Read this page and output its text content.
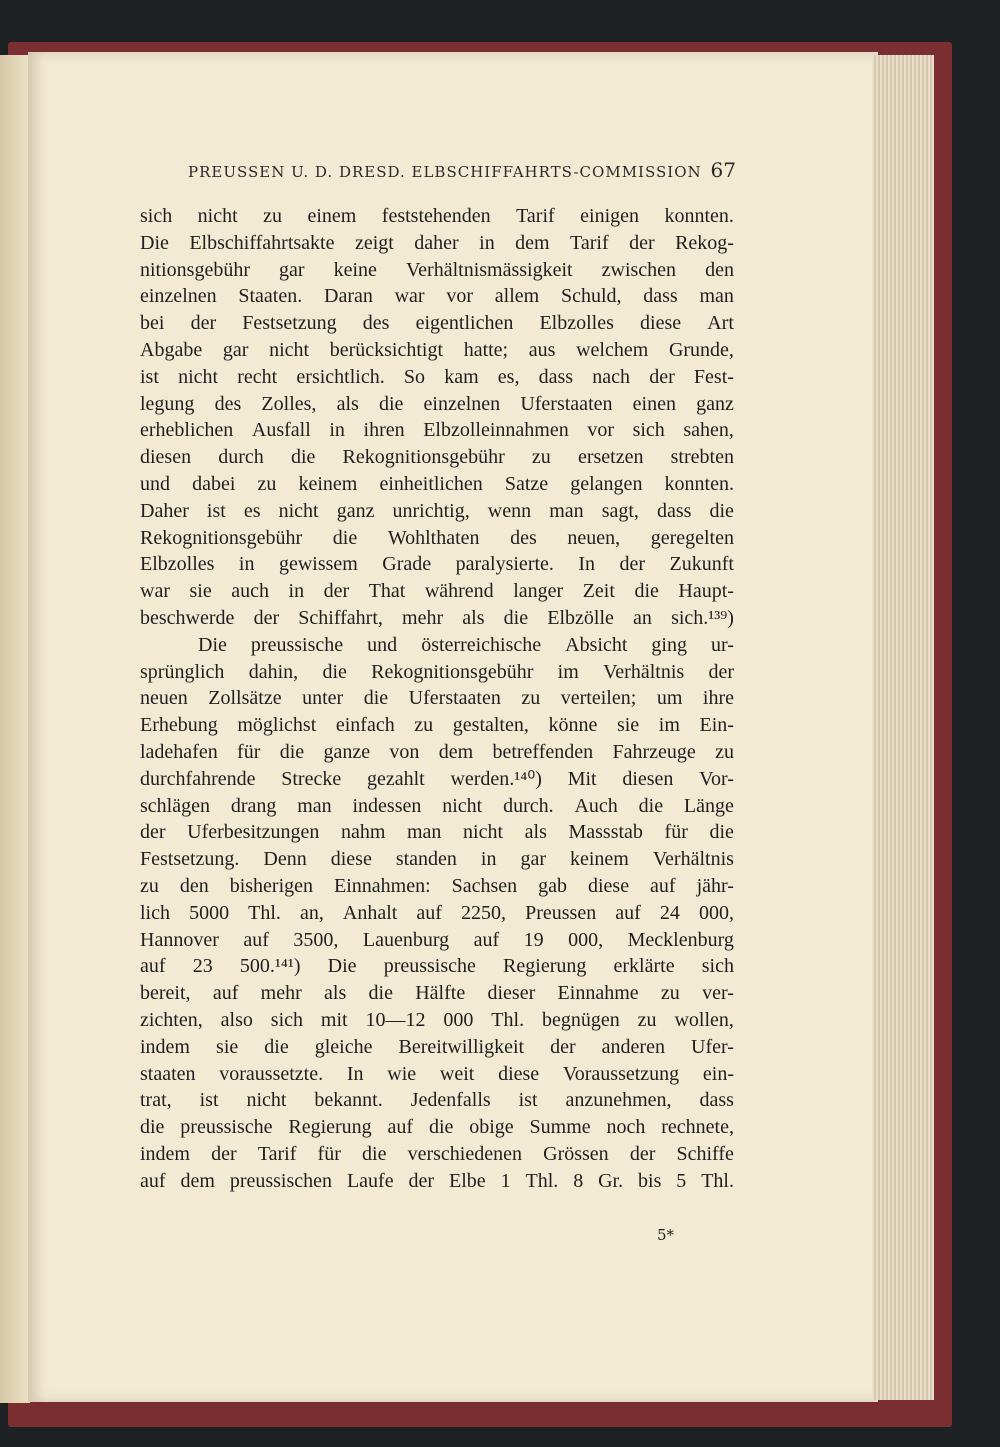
PREUSSEN U. D. DRESD. ELBSCHIFFAHRTS-COMMISSION 67
sich nicht zu einem feststehenden Tarif einigen konnten.
Die Elbschiffahrtsakte zeigt daher in dem Tarif der Rekog-
nitionsgebühr gar keine Verhältnismässigkeit zwischen den
einzelnen Staaten. Daran war vor allem Schuld, dass man
bei der Festsetzung des eigentlichen Elbzolles diese Art
Abgabe gar nicht berücksichtigt hatte; aus welchem Grunde,
ist nicht recht ersichtlich. So kam es, dass nach der Fest-
legung des Zolles, als die einzelnen Uferstaaten einen ganz
erheblichen Ausfall in ihren Elbzolleinnahmen vor sich sahen,
diesen durch die Rekognitionsgebühr zu ersetzen strebten
und dabei zu keinem einheitlichen Satze gelangen konnten.
Daher ist es nicht ganz unrichtig, wenn man sagt, dass die
Rekognitionsgebühr die Wohlthaten des neuen, geregelten
Elbzolles in gewissem Grade paralysierte. In der Zukunft
war sie auch in der That während langer Zeit die Haupt-
beschwerde der Schiffahrt, mehr als die Elbzölle an sich.¹³⁹)
Die preussische und österreichische Absicht ging ur-
sprünglich dahin, die Rekognitionsgebühr im Verhältnis der
neuen Zollsätze unter die Uferstaaten zu verteilen; um ihre
Erhebung möglichst einfach zu gestalten, könne sie im Ein-
ladehafen für die ganze von dem betreffenden Fahrzeuge zu
durchfahrende Strecke gezahlt werden.¹⁴⁰) Mit diesen Vor-
schlägen drang man indessen nicht durch. Auch die Länge
der Uferbesitzungen nahm man nicht als Massstab für die
Festsetzung. Denn diese standen in gar keinem Verhältnis
zu den bisherigen Einnahmen: Sachsen gab diese auf jähr-
lich 5000 Thl. an, Anhalt auf 2250, Preussen auf 24 000,
Hannover auf 3500, Lauenburg auf 19 000, Mecklenburg
auf 23 500.¹⁴¹) Die preussische Regierung erklärte sich
bereit, auf mehr als die Hälfte dieser Einnahme zu ver-
zichten, also sich mit 10—12 000 Thl. begnügen zu wollen,
indem sie die gleiche Bereitwilligkeit der anderen Ufer-
staaten voraussetzte. In wie weit diese Voraussetzung ein-
trat, ist nicht bekannt. Jedenfalls ist anzunehmen, dass
die preussische Regierung auf die obige Summe noch rechnete,
indem der Tarif für die verschiedenen Grössen der Schiffe
auf dem preussischen Laufe der Elbe 1 Thl. 8 Gr. bis 5 Thl.
5*
